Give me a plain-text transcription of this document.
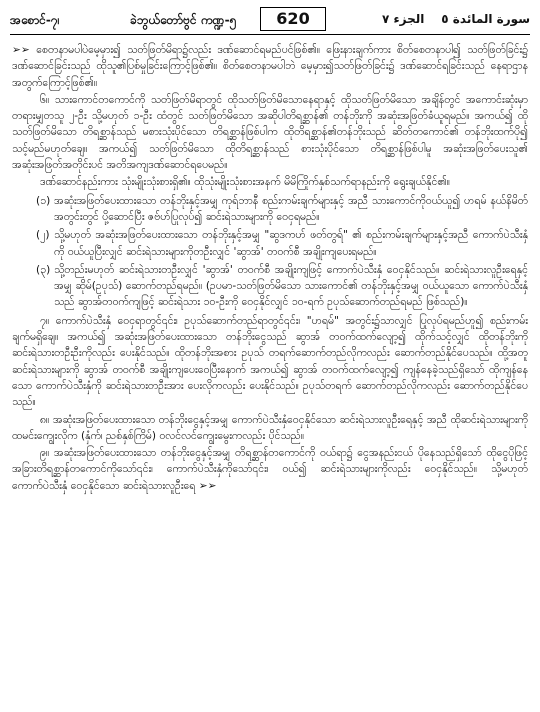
အစောင်-၇၊	ခဲဘွယ်တော်ဗွင် ကဏ္ဍ-၅	620	الجزء ٧ سورة المائدة ٥

➢➢ စေတနာမပါပဲမေ့မှား၍ သတ်ဖြတ်မိရာ၌လည်း ဒဏ်ဆောင်ရမည်ပင်ဖြစ်၏။ ဖြေးနားချက်ကား စိတ်စေတနာပါ၍ သတ်ဖြတ်ခြင်း၌ ဒဏ်ဆောင်ခြင်းသည် ထိုသူ၏ပြစ်မှုခြင်းကြောင့်ဖြစ်၏။ စိတ်စေတနာမပါဘဲ မေ့မှား၍သတ်ဖြတ်ခြင်း၌ ဒဏ်ဆောင်ရခြင်းသည် နေရာဌာနအတွက်ကြောင့်ဖြစ်၏။

၆။ သားကောင်တကောင်ကို သတ်ဖြတ်မိရာတွင် ထိုသတ်ဖြတ်မိသောနေရာနှင့် ထိုသတ်ဖြတ်မိသော အချိန်တွင် အကောင်းဆုံးမှာ တရားမျှတသူ ၂-ဦး သို့မဟုတ် ၁-ဦး ထံတွင် သတ်ဖြတ်မိသော အဆိုပါတိရစ္ဆာန်၏ တန်ဘိုးကို အဆုံးအဖြတ်ခံယူရမည်။ အကယ်၍ ထိုသတ်ဖြတ်မိသော တိရစ္ဆာန်သည် မစားသုံးပိုင်သော တိရစ္ဆာန်ဖြစ်ပါက ထိုတိရစ္ဆာန်၏တန်ဘိုးသည် ဆိတ်တကောင်၏ တန်ဘိုးထက်ပို၍ သင့်မည်မဟုတ်ချေ။ အကယ်၍ သတ်ဖြတ်မိသော ထိုတိရစ္ဆာန်သည် စားသုံးပိုင်သော တိရစ္ဆာန်ဖြစ်ပါမူ အဆုံးအဖြတ်ပေးသူ၏ အဆုံးအဖြတ်အတိုင်းပင် အတိအကျဒဏ်ဆောင်ရပေမည်။

ဒဏ်ဆောင်နည်းကား သုံးမျိုးသုံးစားရှိ၏။ ထိုသုံးမျိုးသုံးစားအနက် မိမိကြိုက်နှစ်သက်ရာနည်းကို ရွေးချယ်နိုင်၏။

(၁) အဆုံးအဖြတ်ပေးထားသော တန်ဘိုးနှင့်အမျှ ကုရ်ဘာနီ စည်းကမ်းချက်များနှင့် အညီ သားကောင်ကိုဝယ်ယူ၍ ဟရမ် နယ်နိမိတ်အတွင်းတွင် ပို့ဆောင်ပြီး ဇဗ်ဟ်ပြုလုပ်၍ ဆင်းရဲသားများကို ဝေငှရမည်။
(၂) သို့မဟုတ် အဆုံးအဖြတ်ပေးထားသော တန်ဘိုးနှင့်အမျှ "ဆွဒကဟ် ဖတ်တွရ်" ၏ စည်းကမ်းချက်များနှင့်အညီ ကောက်ပဲသီးနှံကို ဝယ်ယူပြီးလျှင် ဆင်းရဲသားများကိုတဦးလျှင် 'ဆွာအ်' တဝက်စီ အချိုးကျပေးရမည်။
(၃) သို့တည်းမဟုတ် ဆင်းရဲသားတဦးလျှင် 'ဆွာအ်' တဝက်စီ အချိုးကျဖြင့် ကောက်ပဲသီးနှံ ဝေငှနိုင်သည်။ ဆင်းရဲသားလူဦးရေနှင့်အမျှ ဆိုမ်(ဥပုသ်) ဆောက်တည်ရမည်။ (ဥပမာ-သတ်ဖြတ်မိသော သားကောင်၏ တန်ဘိုးနှင့်အမျှ ဝယ်ယူသော ကောက်ပဲသီးနှံသည် ဆွာအ်တဝက်ကျဖြင့် ဆင်းရဲသား ၁၀-ဦးကို ဝေငှနိုင်လျှင် ၁၀-ရက် ဥပုသ်ဆောက်တည်ရမည် ဖြစ်သည်)။

၇။ ကောက်ပဲသီးနှံ ဝေငှရာတွင်၎င်း၊ ဥပုသ်ဆောက်တည်ရာတွင်၎င်း၊ "ဟရမ်" အတွင်း၌သာလျှင် ပြုလုပ်ရမည်ဟူ၍ စည်းကမ်းချက်မရှိချေ။ အကယ်၍ အဆုံးအဖြတ်ပေးထားသော တန်ဘိုးငွေသည် ဆွာအ် တဝက်ထက်လျော့၍ ထိုက်သင့်လျှင် ထိုတန်ဘိုးကို ဆင်းရဲသားတဦးဦးကိုလည်း ပေးနိုင်သည်။ ထိုတန်ဘိုးအစား ဥပုသ် တရက်ဆောက်တည်လိုကလည်း ဆောက်တည်နိုင်ပေသည်။ ထို့အတူ ဆင်းရဲသားများကို ဆွာအ် တဝက်စီ အချိုးကျပေးဝေပြီးနောက် အကယ်၍ ဆွာအ် တဝက်ထက်လျော့၍ ကျန်နေခဲ့သည်ရှိသော် ထိုကျန်နေသော ကောက်ပဲသီးနှံကို ဆင်းရဲသားတဦးအား ပေးလိုကလည်း ပေးနိုင်သည်။ ဥပုသ်တရက် ဆောက်တည်လိုကလည်း ဆောက်တည်နိုင်ပေသည်။

၈။ အဆုံးအဖြတ်ပေးထားသော တန်ဘိုးငွေနှင့်အမျှ ကောက်ပဲသီးနှံဝေငှနိုင်သော ဆင်းရဲသားလူဦးရေနှင့် အညီ ထိုဆင်းရဲသားများကို ထမင်းကျွေးလိုက (နှံက်၊ ညစ်နှစ်ကြိမ်) ဝလင်လင်ကျွေးမွေးကလည်း ပိုင်သည်။

၉။ အဆုံးအဖြတ်ပေးထားသော တန်ဘိုးငွေနှင့်အမျှ တိရစ္ဆာန်တကောင်ကို ဝယ်ရာ၌ ငွေအနည်းငယ် ပိုနေသည်ရှိသော် ထိုငွေပိုဖြင့် အခြားတိရစ္ဆာန်တကောင်ကိုသော်၎င်း၊ ကောက်ပဲသီးနှံကိုသော်၎င်း၊ ဝယ်၍ ဆင်းရဲသားများကိုလည်း ဝေငှနိုင်သည်။ သို့မဟုတ် ကောက်ပဲသီးနှံ ဝေငှနိုင်သော ဆင်းရဲသားလူဦးရေ ➢➢
